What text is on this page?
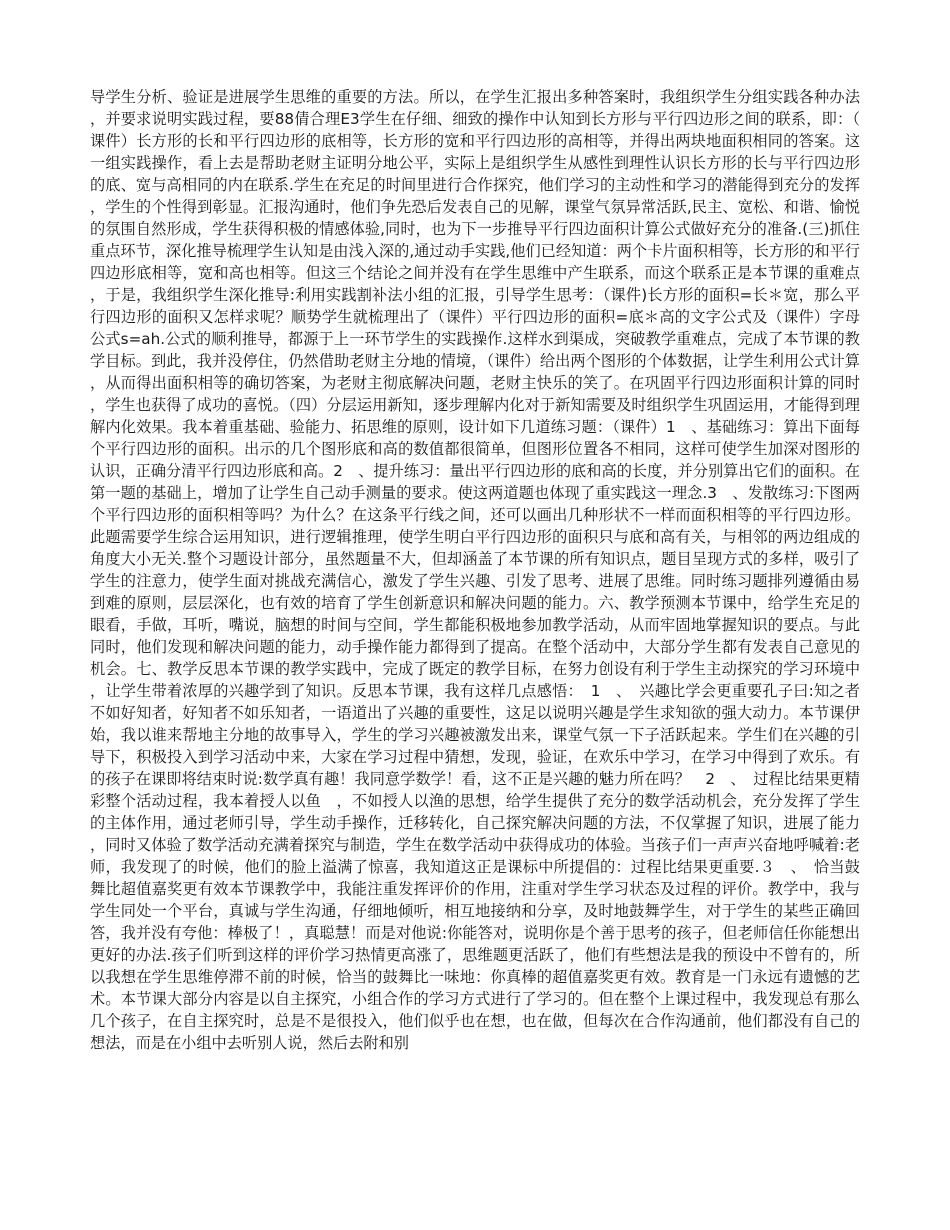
导学生分析、验证是进展学生思维的重要的方法。所以，在学生汇报出多种答案时，我组织学生分组实践各种办法，并要求说明实践过程，要88倩合理E3学生在仔细、细致的操作中认知到长方形与平行四边形之间的联系，即：（课件）长方形的长和平行四边形的底相等，长方形的宽和平行四边形的高相等，并得出两块地面积相同的答案。这一组实践操作，看上去是帮助老财主证明分地公平，实际上是组织学生从感性到理性认识长方形的长与平行四边形的底、宽与高相同的内在联系.学生在充足的时间里进行合作探究，他们学习的主动性和学习的潜能得到充分的发挥，学生的个性得到彰显。汇报沟通时，他们争先恐后发表自己的见解，课堂气氛异常活跃,民主、宽松、和谐、愉悦的氛围自然形成，学生获得积极的情感体验,同时，也为下一步推导平行四边面积计算公式做好充分的准备.(三)抓住重点环节，深化推导梳理学生认知是由浅入深的,通过动手实践,他们已经知道：两个卡片面积相等，长方形的和平行四边形底相等，宽和高也相等。但这三个结论之间并没有在学生思维中产生联系，而这个联系正是本节课的重难点，于是，我组织学生深化推导:利用实践割补法小组的汇报，引导学生思考：（课件)长方形的面积=长＊宽，那么平行四边形的面积又怎样求呢？顺势学生就梳理出了（课件）平行四边形的面积=底＊高的文字公式及（课件）字母公式s=ah.公式的顺利推导，都源于上一环节学生的实践操作.这样水到渠成，突破教学重难点，完成了本节课的教学目标。到此，我并没停住，仍然借助老财主分地的情境，（课件）给出两个图形的个体数据，让学生利用公式计算，从而得出面积相等的确切答案，为老财主彻底解决问题，老财主快乐的笑了。在巩固平行四边形面积计算的同时，学生也获得了成功的喜悦。（四）分层运用新知，逐步理解内化对于新知需要及时组织学生巩固运用，才能得到理解内化效果。我本着重基础、验能力、拓思维的原则，设计如下几道练习题：（课件）1　、基础练习：算出下面每个平行四边形的面积。出示的几个图形底和高的数值都很简单，但图形位置各不相同，这样可使学生加深对图形的认识，正确分清平行四边形底和高。2　、提升练习：量出平行四边形的底和高的长度，并分别算出它们的面积。在第一题的基础上，增加了让学生自己动手测量的要求。使这两道题也体现了重实践这一理念.3　、发散练习:下图两个平行四边形的面积相等吗？为什么？在这条平行线之间，还可以画出几种形状不一样而面积相等的平行四边形。此题需要学生综合运用知识，进行逻辑推理，使学生明白平行四边形的面积只与底和高有关，与相邻的两边组成的角度大小无关.整个习题设计部分，虽然题量不大，但却涵盖了本节课的所有知识点，题目呈现方式的多样，吸引了学生的注意力，使学生面对挑战充满信心，激发了学生兴趣、引发了思考、进展了思维。同时练习题排列遵循由易到难的原则，层层深化，也有效的培育了学生创新意识和解决问题的能力。六、教学预测本节课中，给学生充足的眼看，手做，耳听，嘴说，脑想的时间与空间，学生都能积极地参加教学活动，从而牢固地掌握知识的要点。与此同时，他们发现和解决问题的能力，动手操作能力都得到了提高。在整个活动中，大部分学生都有发表自己意见的机会。七、教学反思本节课的教学实践中，完成了既定的教学目标，在努力创设有利于学生主动探究的学习环境中，让学生带着浓厚的兴趣学到了知识。反思本节课，我有这样几点感悟：　1　、　兴趣比学会更重要孔子曰:知之者不如好知者，好知者不如乐知者，一语道出了兴趣的重要性，这足以说明兴趣是学生求知欲的强大动力。本节课伊始，我以谁来帮地主分地的故事导入，学生的学习兴趣被激发出来，课堂气氛一下子活跃起来。学生们在兴趣的引导下，积极投入到学习活动中来，大家在学习过程中猜想，发现，验证，在欢乐中学习，在学习中得到了欢乐。有的孩子在课即将结束时说:数学真有趣！我同意学数学！看，这不正是兴趣的魅力所在吗？　2　、　过程比结果更精彩整个活动过程，我本着授人以鱼　，不如授人以渔的思想，给学生提供了充分的数学活动机会，充分发挥了学生的主体作用，通过老师引导，学生动手操作，迁移转化，自己探究解决问题的方法，不仅掌握了知识，进展了能力，同时又体验了数学活动充满着探究与制造，学生在数学活动中获得成功的体验。当孩子们一声声兴奋地呼喊着:老师，我发现了的时候，他们的脸上溢满了惊喜，我知道这正是课标中所提倡的：过程比结果更重要.３　、　恰当鼓舞比超值嘉奖更有效本节课教学中，我能注重发挥评价的作用，注重对学生学习状态及过程的评价。教学中，我与学生同处一个平台，真诚与学生沟通，仔细地倾听，相互地接纳和分享，及时地鼓舞学生，对于学生的某些正确回答，我并没有夸他：棒极了！，真聪慧！而是对他说:你能答对，说明你是个善于思考的孩子，但老师信任你能想出更好的办法.孩子们听到这样的评价学习热情更高涨了，思维题更活跃了，他们有些想法是我的预设中不曾有的，所以我想在学生思维停滞不前的时候，恰当的鼓舞比一味地：你真棒的超值嘉奖更有效。教育是一门永远有遗憾的艺术。本节课大部分内容是以自主探究，小组合作的学习方式进行了学习的。但在整个上课过程中，我发现总有那么几个孩子，在自主探究时，总是不是很投入，他们似乎也在想，也在做，但每次在合作沟通前，他们都没有自己的想法，而是在小组中去听别人说，然后去附和别
